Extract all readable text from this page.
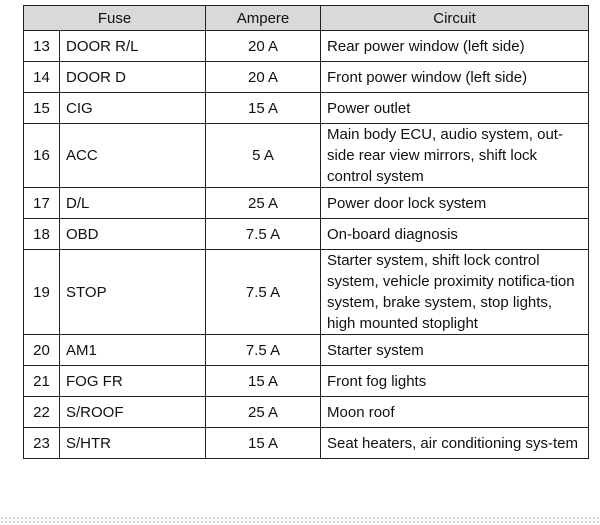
Fuse		Ampere	Circuit
13	DOOR R/L	20 A	Rear power window (left side)
14	DOOR D	20 A	Front power window (left side)
15	CIG	15 A	Power outlet
16	ACC	5 A	Main body ECU, audio system, out-side rear view mirrors, shift lock control system
17	D/L	25 A	Power door lock system
18	OBD	7.5 A	On-board diagnosis
19	STOP	7.5 A	Starter system, shift lock control system, vehicle proximity notifica-tion system, brake system, stop lights, high mounted stoplight
20	AM1	7.5 A	Starter system
21	FOG FR	15 A	Front fog lights
22	S/ROOF	25 A	Moon roof
23	S/HTR	15 A	Seat heaters, air conditioning sys-tem
